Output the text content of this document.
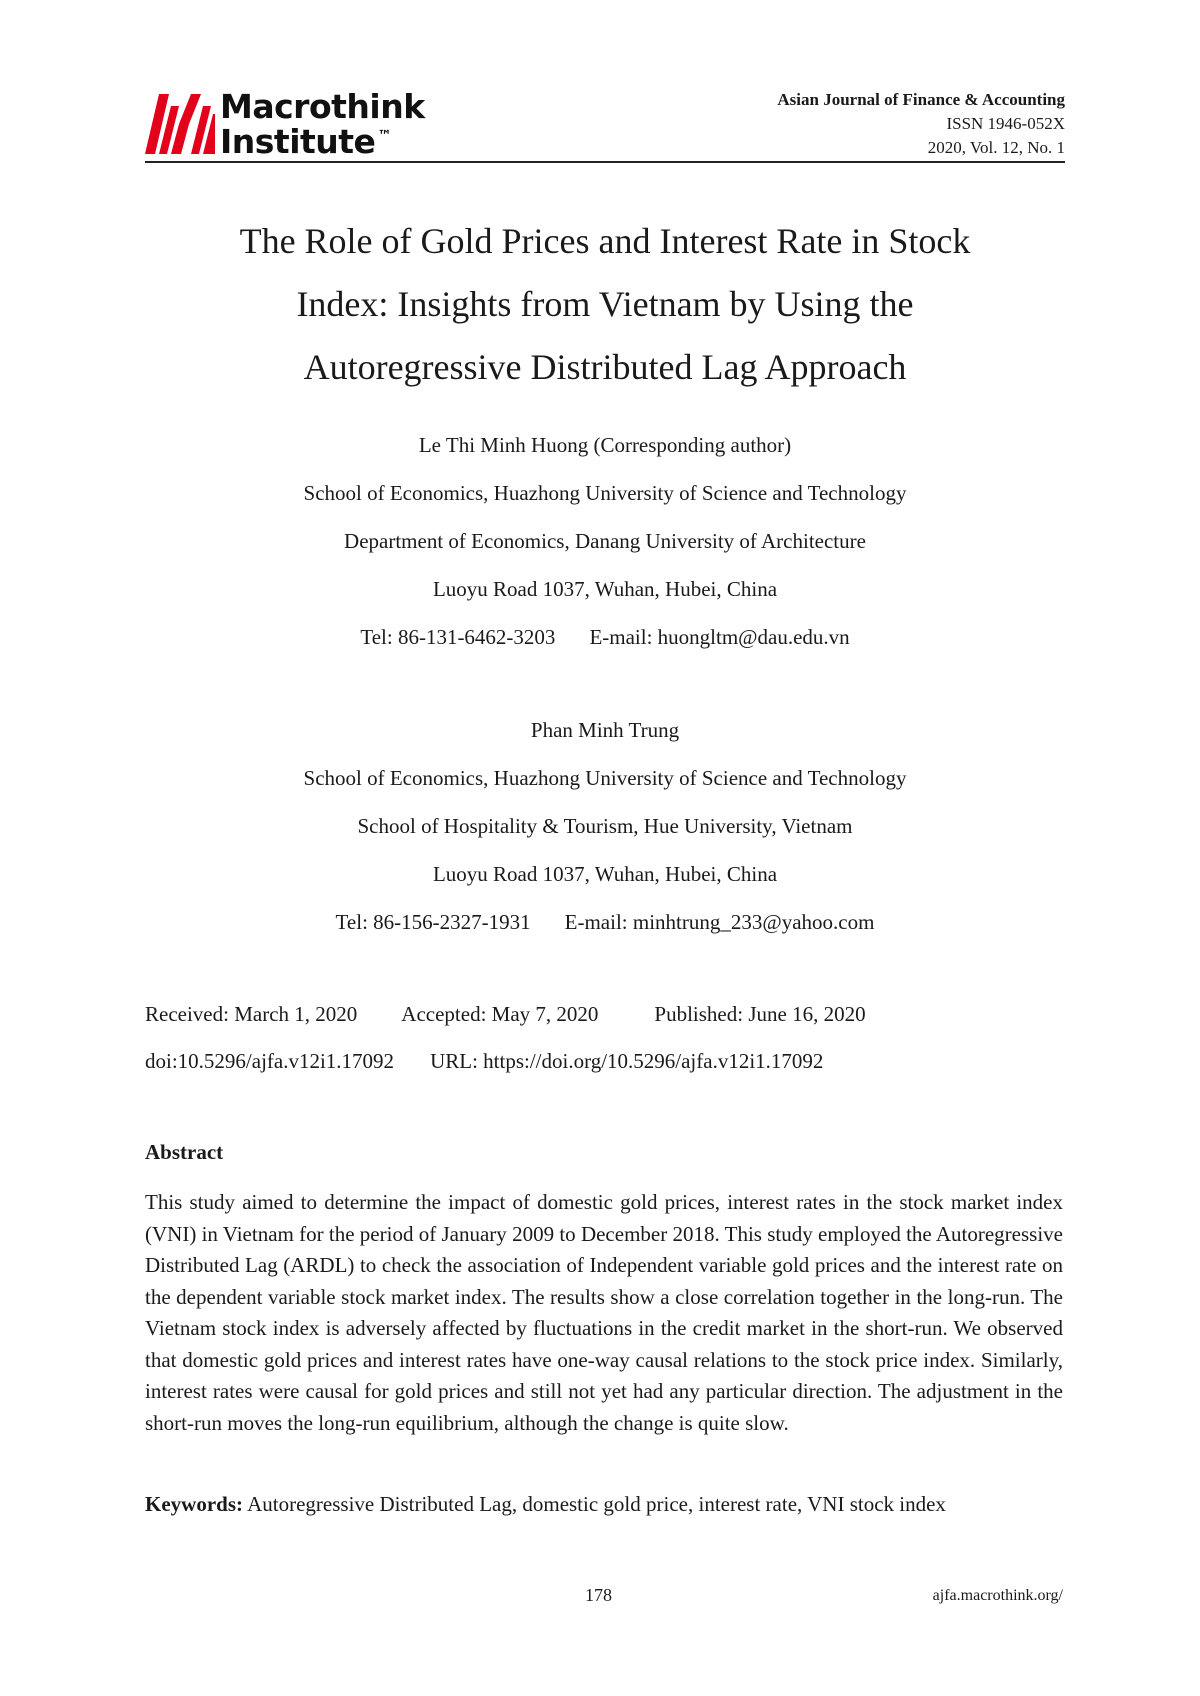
Macrothink
Institute ™
Asian Journal of Finance & Accounting
ISSN 1946-052X
2020, Vol. 12, No. 1
The Role of Gold Prices and Interest Rate in Stock
Index: Insights from Vietnam by Using the
Autoregressive Distributed Lag Approach
Le Thi Minh Huong (Corresponding author)
School of Economics, Huazhong University of Science and Technology
Department of Economics, Danang University of Architecture
Luoyu Road 1037, Wuhan, Hubei, China
Tel: 86-131-6462-3203 E-mail: huongltm@dau.edu.vn
Phan Minh Trung
School of Economics, Huazhong University of Science and Technology
School of Hospitality & Tourism, Hue University, Vietnam
Luoyu Road 1037, Wuhan, Hubei, China
Tel: 86-156-2327-1931 E-mail: minhtrung_233@yahoo.com
Received: March 1, 2020 Accepted: May 7, 2020	Published: June 16, 2020
doi:10.5296/ajfa.v12i1.17092 URL: https://doi.org/10.5296/ajfa.v12i1.17092
Abstract
This study aimed to determine the impact of domestic gold prices, interest rates in the stock market index (VNI) in Vietnam for the period of January 2009 to December 2018. This study employed the Autoregressive Distributed Lag (ARDL) to check the association of Independent variable gold prices and the interest rate on the dependent variable stock market index. The results show a close correlation together in the long-run. The Vietnam stock index is adversely affected by fluctuations in the credit market in the short-run. We observed that domestic gold prices and interest rates have one-way causal relations to the stock price index. Similarly, interest rates were causal for gold prices and still not yet had any particular direction. The adjustment in the short-run moves the long-run equilibrium, although the change is quite slow.
Keywords: Autoregressive Distributed Lag, domestic gold price, interest rate, VNI stock index
178	ajfa.macrothink.org/
